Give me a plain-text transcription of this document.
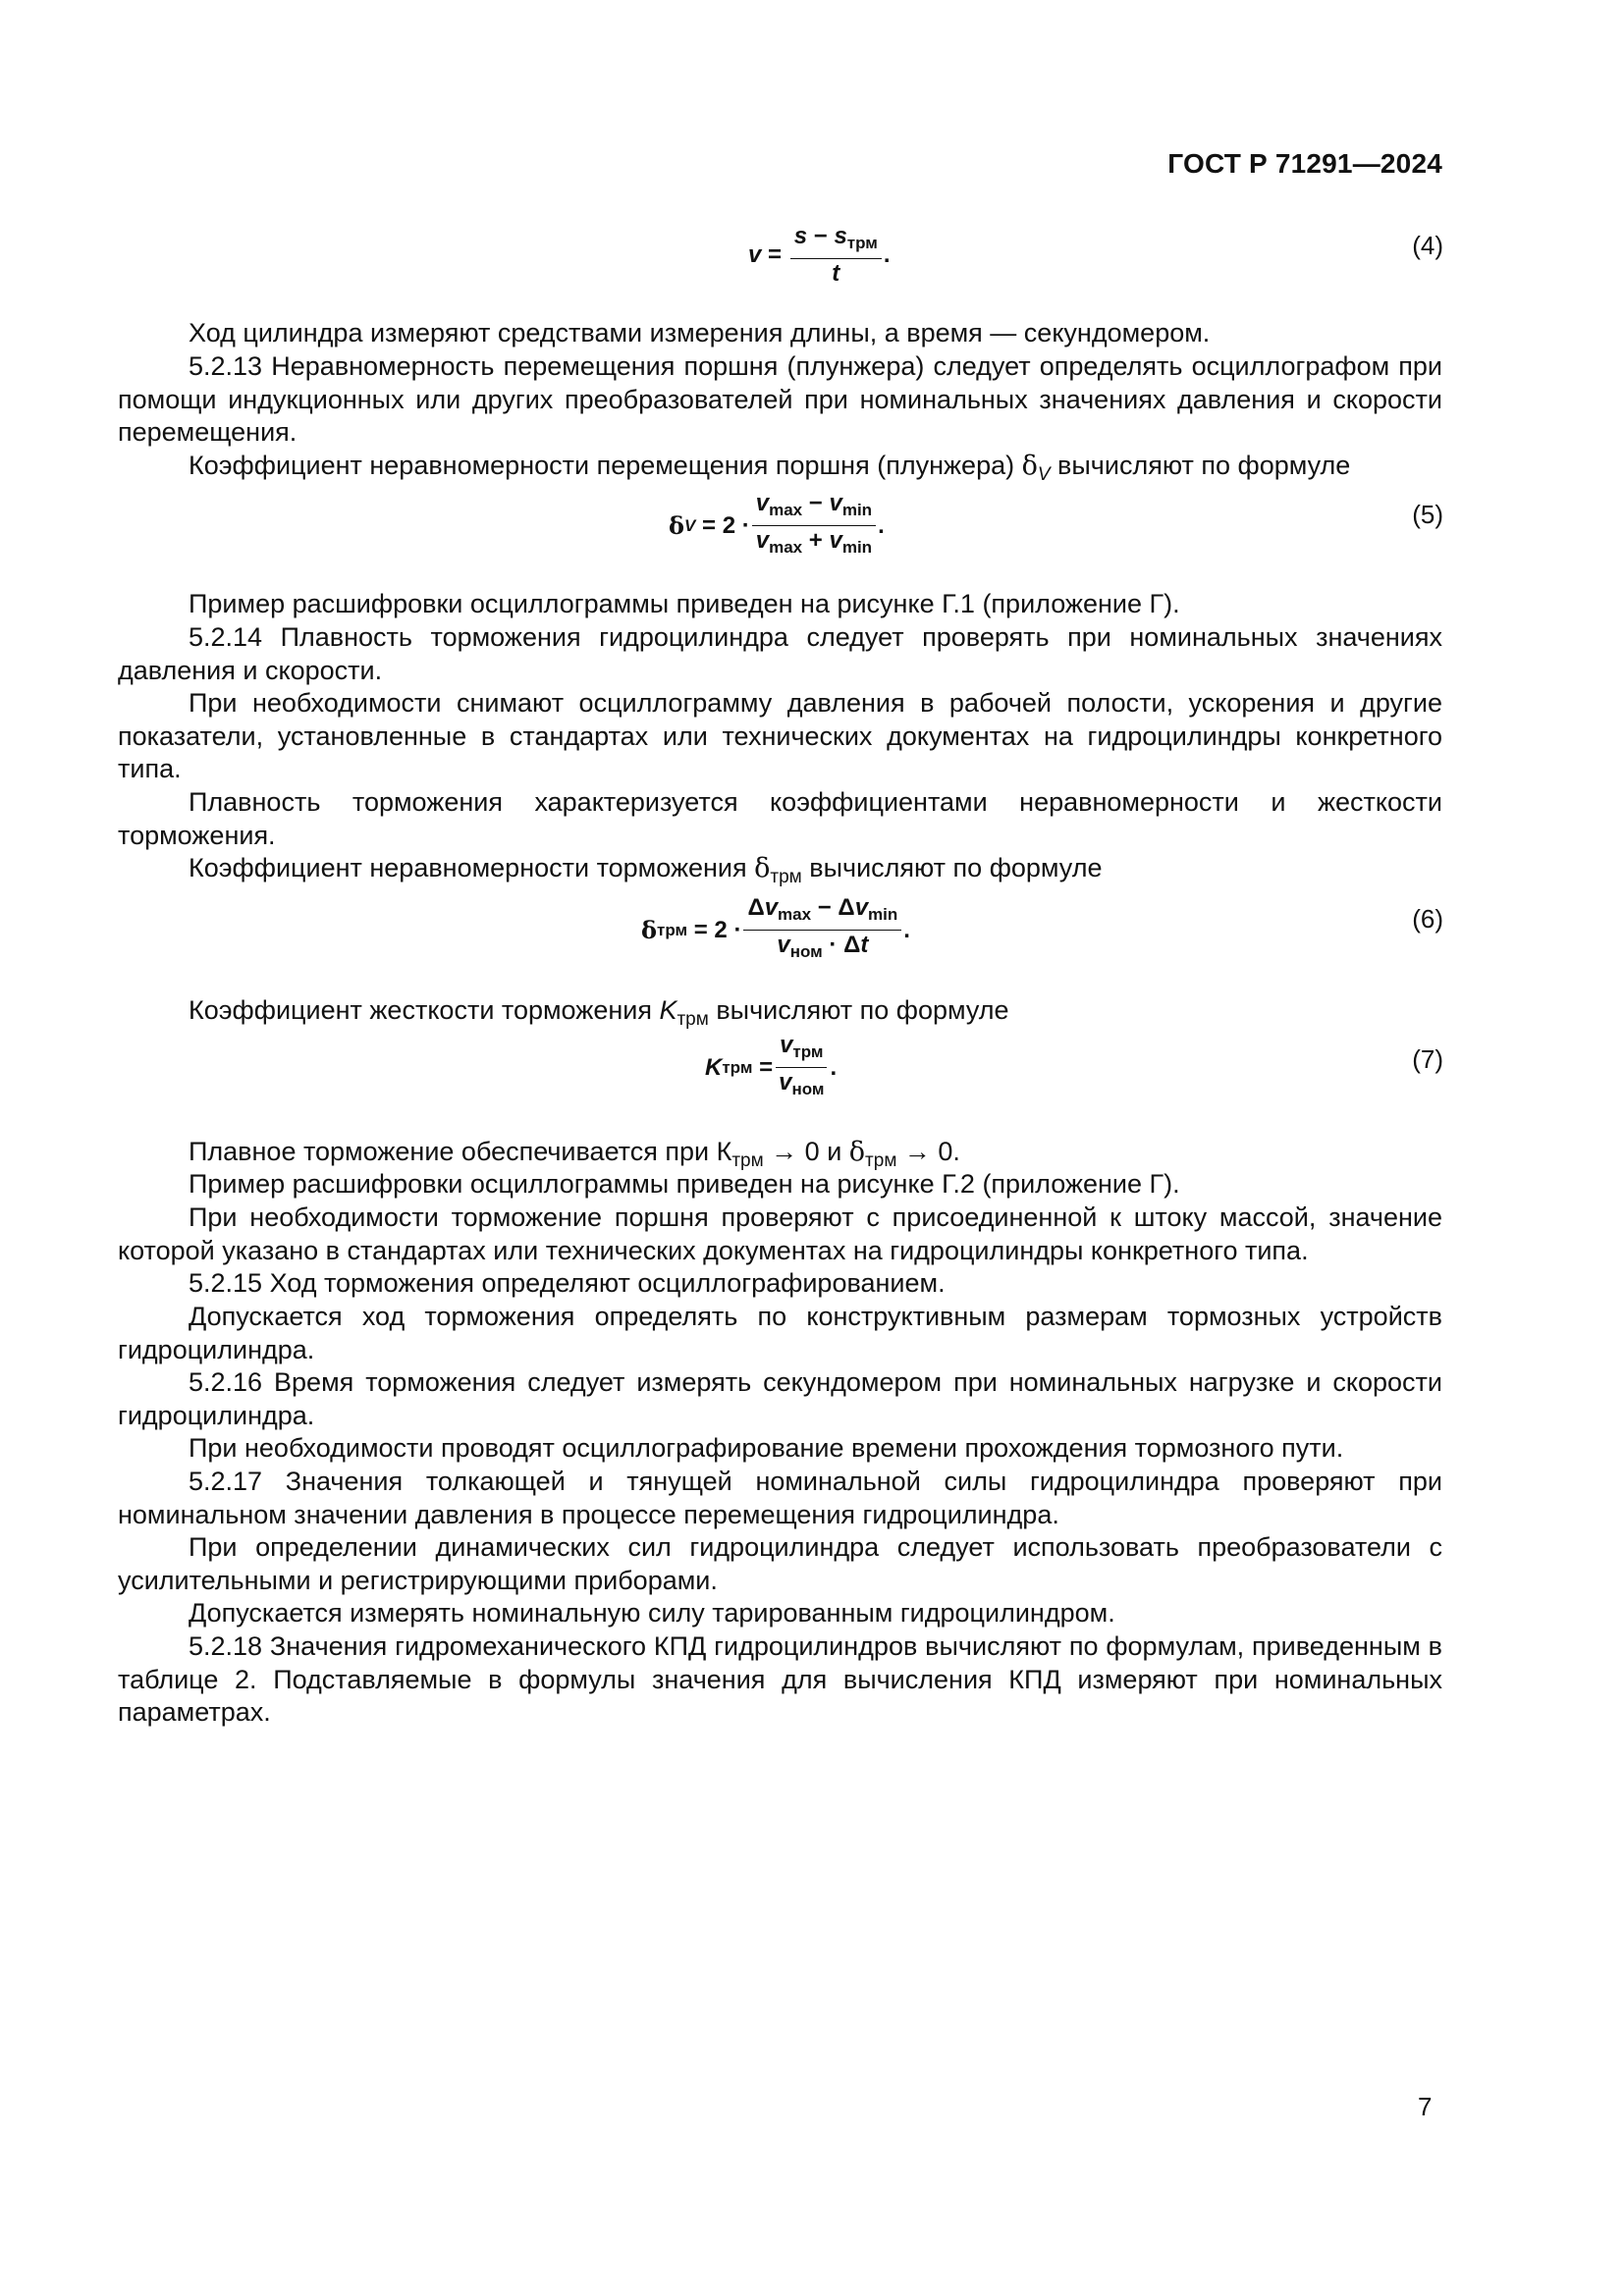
ГОСТ Р 71291—2024
$v = \frac{s - s_{трм}}{t}$ .	(4)

Ход цилиндра измеряют средствами измерения длины, а время — секундомером.

5.2.13 Неравномерность перемещения поршня (плунжера) следует определять осциллографом при помощи индукционных или других преобразователей при номинальных значениях давления и скорости перемещения.

Коэффициент неравномерности перемещения поршня (плунжера) $\delta_V$ вычисляют по формуле

δ $V = 2 \cdot \frac{v_{max} - v_{min}}{v_{max} + v_{min}}$ .	(5)

Пример расшифровки осциллограммы приведен на рисунке Г.1 (приложение Г).

5.2.14 Плавность торможения гидроцилиндра следует проверять при номинальных значениях давления и скорости.

При необходимости снимают осциллограмму давления в рабочей полости, ускорения и другие показатели, установленные в стандартах или технических документах на гидроцилиндры конкретного типа.

Плавность торможения характеризуется коэффициентами неравномерности и жесткости торможения.

Коэффициент неравномерности торможения $\delta_{трм}$ вычисляют по формуле

δ трм = $2 \cdot \frac{\Delta v_{max} - \Delta v_{min}}{v_{ном} \cdot \Delta t}$ .	(6)

Коэффициент жесткости торможения $K_{трм}$ вычисляют по формуле

K трм = $\frac{v_{трм}}{v_{ном}}$ .	(7)

Плавное торможение обеспечивается при $К_{трм} \to 0$ и $\delta_{трм} \to 0$.

Пример расшифровки осциллограммы приведен на рисунке Г.2 (приложение Г).

При необходимости торможение поршня проверяют с присоединенной к штоку массой, значение которой указано в стандартах или технических документах на гидроцилиндры конкретного типа.

5.2.15 Ход торможения определяют осциллографированием.

Допускается ход торможения определять по конструктивным размерам тормозных устройств гидроцилиндра.

5.2.16 Время торможения следует измерять секундомером при номинальных нагрузке и скорости гидроцилиндра.

При необходимости проводят осциллографирование времени прохождения тормозного пути.

5.2.17 Значения толкающей и тянущей номинальной силы гидроцилиндра проверяют при номинальном значении давления в процессе перемещения гидроцилиндра.

При определении динамических сил гидроцилиндра следует использовать преобразователи с усилительными и регистрирующими приборами.

Допускается измерять номинальную силу тарированным гидроцилиндром.

5.2.18 Значения гидромеханического КПД гидроцилиндров вычисляют по формулам, приведенным в таблице 2. Подставляемые в формулы значения для вычисления КПД измеряют при номинальных параметрах.

7
